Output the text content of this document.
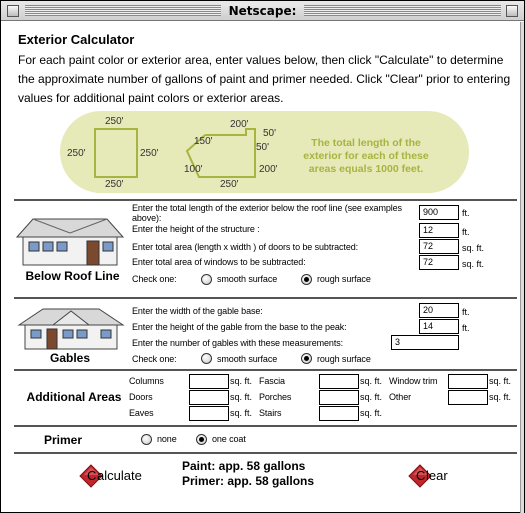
Netscape:
Exterior Calculator
For each paint color or exterior area, enter values below, then click "Calculate" to determine the approximate number of gallons of paint and primer needed. Click "Clear" prior to entering values for additional paint colors or exterior areas.
250'
250'	250'
250'
200'
150'
50'
50'
200'
100'
250'
The total length of the exterior for each of these areas equals 1000 feet.
Below Roof Line
Enter the total length of the exterior below the roof line (see examples above):
900	ft.
Enter the height of the structure :	12	ft.
Enter total area (length x width ) of doors to be subtracted:	72	sq. ft.
Enter total area of windows to be subtracted:	72	sq. ft.
Check one:	smooth surface	rough surface
Gables
Enter the width of the gable base:	20	ft.
Enter the height of the gable from the base to the peak:	14	ft.
Enter the number of gables with these measurements:	3
Check one:	smooth surface	rough surface
Additional Areas
Columns	sq. ft. Fascia	sq. ft. Window trim	sq. ft.
Doors	sq. ft. Porches	sq. ft. Other	sq. ft.
Eaves	sq. ft. Stairs	sq. ft.
Primer	none	one coat
C alculate
Paint: app. 58 gallons
Primer: app. 58 gallons	C lear
